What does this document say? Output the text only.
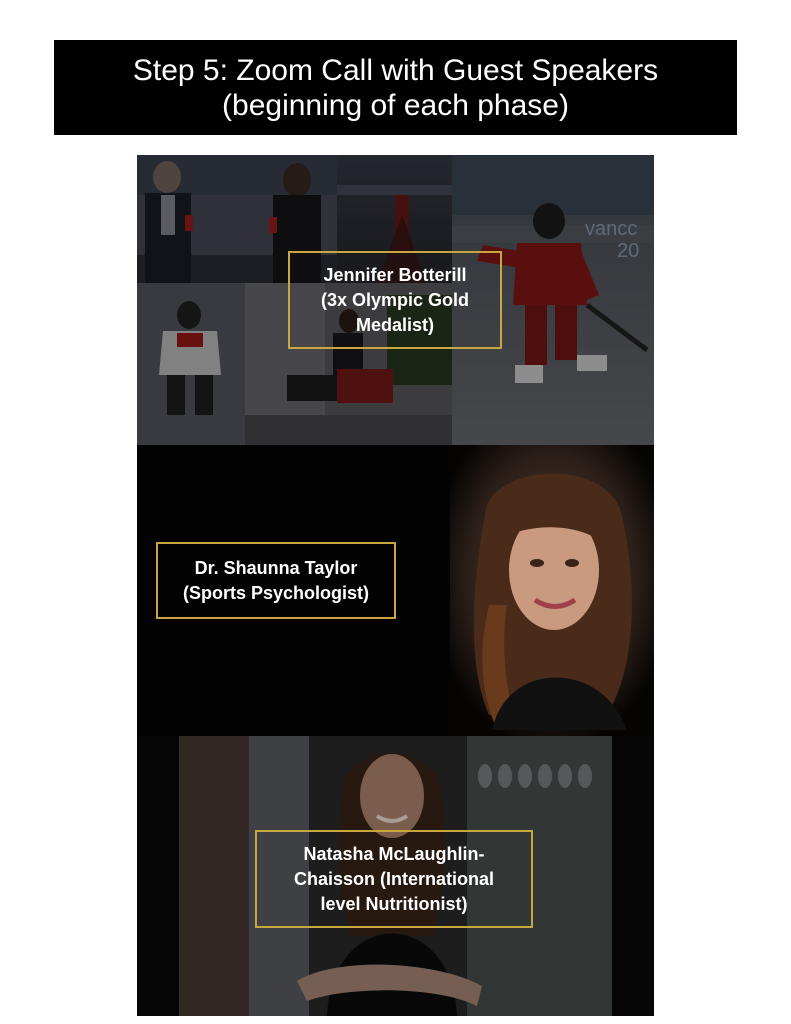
Step 5: Zoom Call with Guest Speakers
(beginning of each phase)
vancc
20
Jennifer Botterill
(3x Olympic Gold
Medalist)
Dr. Shaunna Taylor
(Sports Psychologist)
Natasha McLaughlin-
Chaisson (International
level Nutritionist)
